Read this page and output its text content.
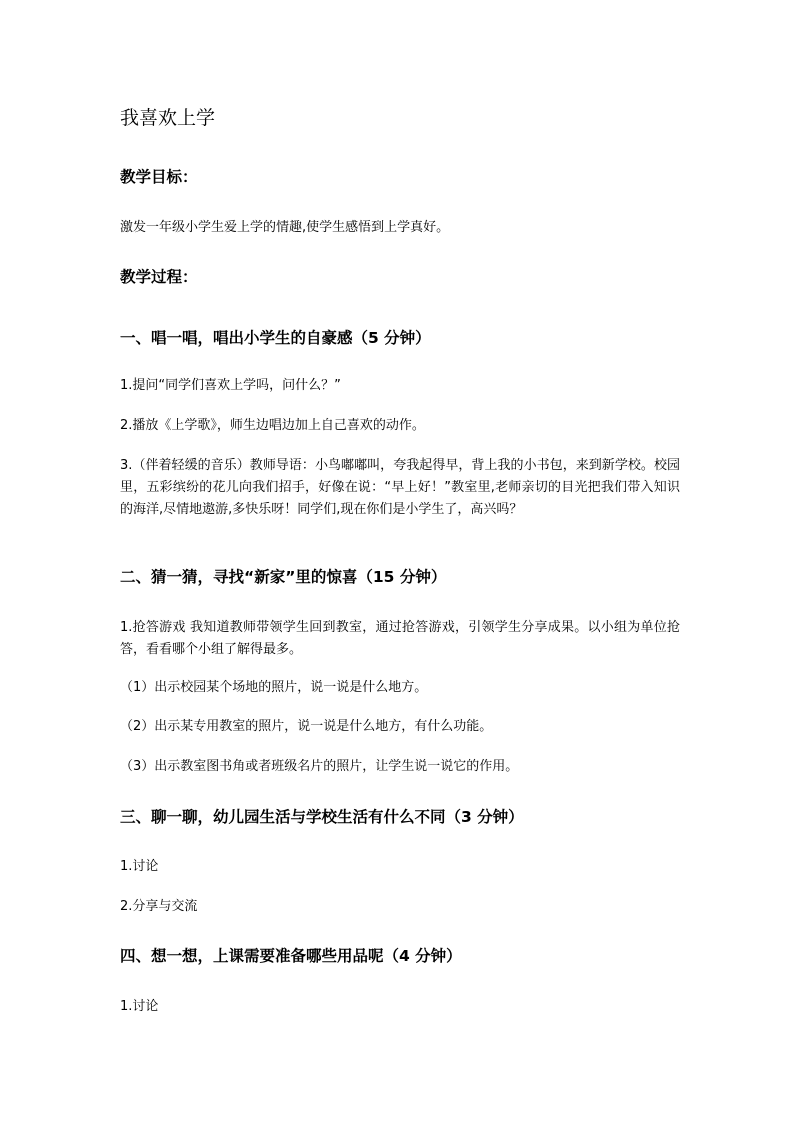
我喜欢上学
教学目标：
激发一年级小学生爱上学的情趣,使学生感悟到上学真好。
教学过程：
一、唱一唱，唱出小学生的自豪感（5 分钟）
1.提问“同学们喜欢上学吗，问什么？”
2.播放《上学歌》，师生边唱边加上自己喜欢的动作。
3.（伴着轻缓的音乐）教师导语：小鸟嘟嘟叫，夸我起得早，背上我的小书包，来到新学校。校园里，五彩缤纷的花儿向我们招手，好像在说：“早上好！”教室里,老师亲切的目光把我们带入知识的海洋,尽情地遨游,多快乐呀！同学们,现在你们是小学生了，高兴吗？
二、猜一猜，寻找“新家”里的惊喜（15 分钟）
1.抢答游戏 我知道教师带领学生回到教室，通过抢答游戏，引领学生分享成果。以小组为单位抢答，看看哪个小组了解得最多。
（1）出示校园某个场地的照片，说一说是什么地方。
（2）出示某专用教室的照片，说一说是什么地方，有什么功能。
（3）出示教室图书角或者班级名片的照片，让学生说一说它的作用。
三、聊一聊，幼儿园生活与学校生活有什么不同（3 分钟）
1.讨论
2.分享与交流
四、想一想，上课需要准备哪些用品呢（4 分钟）
1.讨论
